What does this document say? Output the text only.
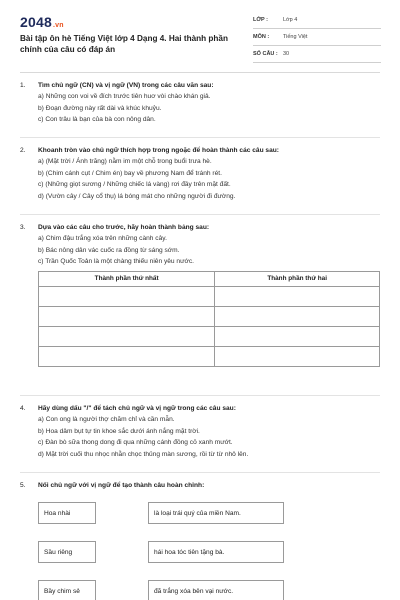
2048.vn
Bài tập ôn hè Tiếng Việt lớp 4 Dạng 4. Hai thành phần chính của câu có đáp án
LỚP :	Lớp 4
MÔN :	Tiếng Việt
SỐ CÂU : 30
1.	Tìm chủ ngữ (CN) và vị ngữ (VN) trong các câu văn sau:
a) Những con voi về đích trước tiên huơ vòi chào khán giả.
b) Đoạn đường này rất dài và khúc khuỷu.
c) Con trâu là bạn của bà con nông dân.
2.	Khoanh tròn vào chủ ngữ thích hợp trong ngoặc để hoàn thành các câu sau:
a) (Mặt trời / Ánh trăng) nằm im một chỗ trong buổi trưa hè.
b) (Chim cánh cụt / Chim én) bay về phương Nam để tránh rét.
c) (Những giọt sương / Những chiếc lá vàng) rơi đầy trên mặt đất.
d) (Vườn cây / Cây cổ thụ) lá bóng mát cho những người đi đường.
3.	Dựa vào các câu cho trước, hãy hoàn thành bảng sau:
a) Chim đậu trắng xóa trên những cành cây.
b) Bác nông dân vác cuốc ra đồng từ sáng sớm.
c) Trần Quốc Toản là một chàng thiếu niên yêu nước.
Thành phần thứ nhất	Thành phần thứ hai

4.	Hãy dùng dấu "/" để tách chủ ngữ và vị ngữ trong các câu sau:
a) Con ong là người thợ chăm chỉ và cần mẫn.
b) Hoa dâm bụt tự tin khoe sắc dưới ánh nắng mặt trời.
c) Đàn bò sữa thong dong đi qua những cánh đồng cỏ xanh mướt.
d) Mặt trời cuối thu nhọc nhằn chọc thủng màn sương, rồi từ từ nhô lên.
5.	Nối chủ ngữ với vị ngữ để tạo thành câu hoàn chỉnh:
Hoa nhài
Sầu riêng
Bầy chim sẻ
là loại trái quý của miền Nam.
hái hoa tóc tiên tặng bà.
đã trắng xóa bên vại nước.
